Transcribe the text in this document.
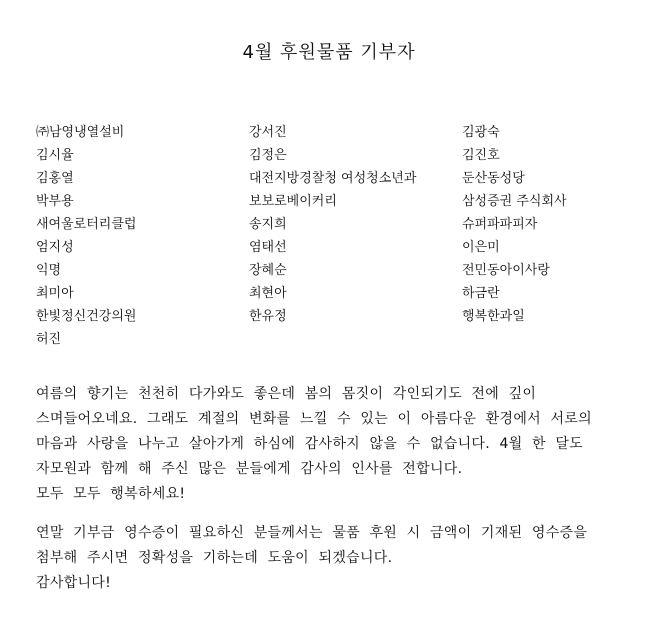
4월 후원물품 기부자
㈜남영냉열설비	강서진	김광숙
김시율	김정은	김진호
김홍열	대전지방경찰청 여성청소년과	둔산동성당
박부용	보보로베이커리	삼성증권 주식회사
새여울로터리클럽	송지희	슈퍼파파피자
엄지성	염태선	이은미
익명	장혜순	전민동아이사랑
최미아	최현아	하금란
한빛정신건강의원	한유정	행복한과일
허진
여름의  향기는  천천히  다가와도  좋은데  봄의  몸짓이  각인되기도  전에  깊이
스며들어오네요.  그래도  계절의  변화를  느낄  수  있는  이  아름다운  환경에서  서로의
마음과  사랑을  나누고  살아가게  하심에  감사하지  않을  수  없습니다.  4월  한  달도
자모원과  함께  해  주신  많은  분들에게  감사의  인사를  전합니다.
모두  모두  행복하세요!
연말  기부금  영수증이  필요하신  분들께서는  물품  후원  시  금액이  기재된  영수증을
첨부해  주시면  정확성을  기하는데  도움이  되겠습니다.
감사합니다!
